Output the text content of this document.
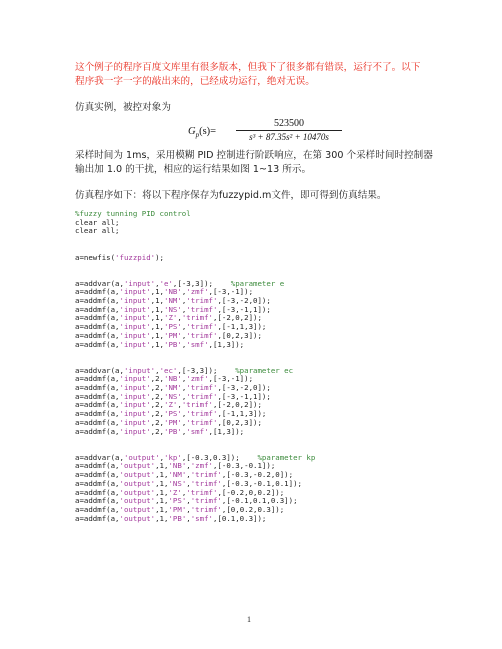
这个例子的程序百度文库里有很多版本，但我下了很多都有错误，运行不了。以下
程序我一字一字的敲出来的，已经成功运行，绝对无误。
仿真实例，被控对象为
$G_p(s)=$
523500
s³ + 87.35s² + 10470s
采样时间为 1ms，采用模糊 PID 控制进行阶跃响应，在第 300 个采样时间时控制器
输出加 1.0 的干扰，相应的运行结果如图 1~13 所示。
仿真程序如下：将以下程序保存为fuzzypid.m文件，即可得到仿真结果。
%fuzzy tunning PID control
clear all;
clear all;
a=newfis('fuzzpid');
a=addvar(a,'input','e',[-3,3]);    %parameter e
a=addmf(a,'input',1,'NB','zmf',[-3,-1]);
a=addmf(a,'input',1,'NM','trimf',[-3,-2,0]);
a=addmf(a,'input',1,'NS','trimf',[-3,-1,1]);
a=addmf(a,'input',1,'Z','trimf',[-2,0,2]);
a=addmf(a,'input',1,'PS','trimf',[-1,1,3]);
a=addmf(a,'input',1,'PM','trimf',[0,2,3]);
a=addmf(a,'input',1,'PB','smf',[1,3]);
a=addvar(a,'input','ec',[-3,3]);    %parameter ec
a=addmf(a,'input',2,'NB','zmf',[-3,-1]);
a=addmf(a,'input',2,'NM','trimf',[-3,-2,0]);
a=addmf(a,'input',2,'NS','trimf',[-3,-1,1]);
a=addmf(a,'input',2,'Z','trimf',[-2,0,2]);
a=addmf(a,'input',2,'PS','trimf',[-1,1,3]);
a=addmf(a,'input',2,'PM','trimf',[0,2,3]);
a=addmf(a,'input',2,'PB','smf',[1,3]);
a=addvar(a,'output','kp',[-0.3,0.3]);    %parameter kp
a=addmf(a,'output',1,'NB','zmf',[-0.3,-0.1]);
a=addmf(a,'output',1,'NM','trimf',[-0.3,-0.2,0]);
a=addmf(a,'output',1,'NS','trimf',[-0.3,-0.1,0.1]);
a=addmf(a,'output',1,'Z','trimf',[-0.2,0,0.2]);
a=addmf(a,'output',1,'PS','trimf',[-0.1,0.1,0.3]);
a=addmf(a,'output',1,'PM','trimf',[0,0.2,0.3]);
a=addmf(a,'output',1,'PB','smf',[0.1,0.3]);
1
